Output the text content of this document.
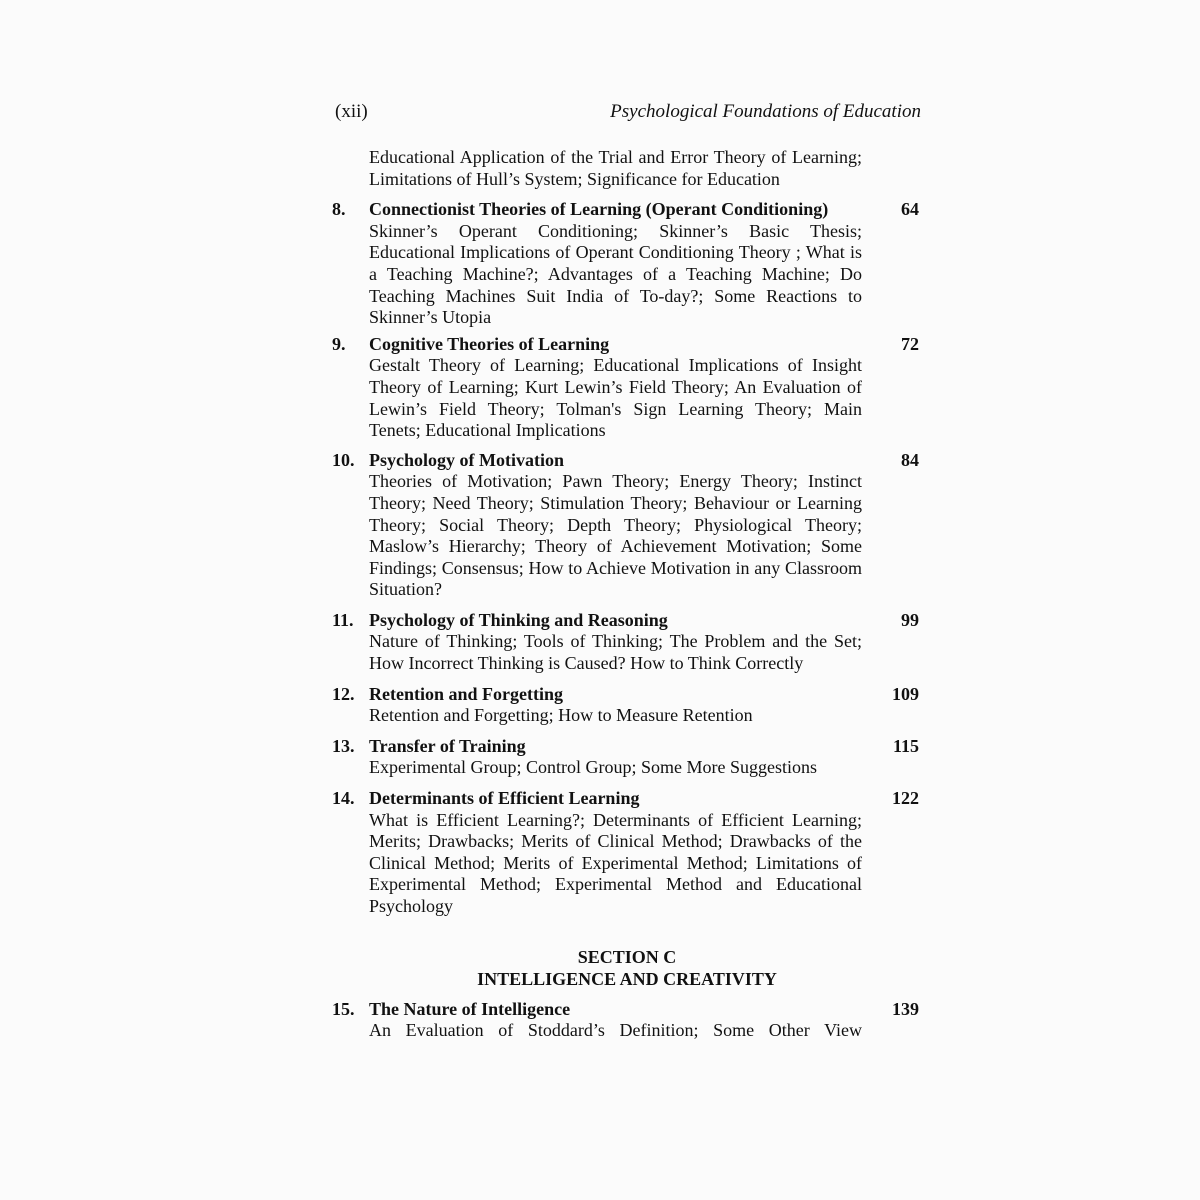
(xii)	Psychological Foundations of Education
Educational Application of the Trial and Error Theory of Learning; Limitations of Hull’s System; Significance for Education
8. Connectionist Theories of Learning (Operant Conditioning)	64
Skinner’s Operant Conditioning; Skinner’s Basic Thesis; Educational Implications of Operant Conditioning Theory ; What is a Teaching Machine?; Advantages of a Teaching Machine; Do Teaching Machines Suit India of To-day?; Some Reactions to Skinner’s Utopia
9. Cognitive Theories of Learning	72
Gestalt Theory of Learning; Educational Implications of Insight Theory of Learning; Kurt Lewin’s Field Theory; An Evaluation of Lewin’s Field Theory; Tolman's Sign Learning Theory; Main Tenets; Educational Implications
10. Psychology of Motivation	84
Theories of Motivation; Pawn Theory; Energy Theory; Instinct Theory; Need Theory; Stimulation Theory; Behaviour or Learning Theory; Social Theory; Depth Theory; Physiological Theory; Maslow’s Hierarchy; Theory of Achievement Motivation; Some Findings; Consensus; How to Achieve Motivation in any Classroom Situation?
11. Psychology of Thinking and Reasoning	99
Nature of Thinking; Tools of Thinking; The Problem and the Set; How Incorrect Thinking is Caused? How to Think Correctly
12. Retention and Forgetting	109
Retention and Forgetting; How to Measure Retention
13. Transfer of Training	115
Experimental Group; Control Group; Some More Suggestions
14. Determinants of Efficient Learning	122
What is Efficient Learning?; Determinants of Efficient Learning; Merits; Drawbacks; Merits of Clinical Method; Drawbacks of the Clinical Method; Merits of Experimental Method; Limitations of Experimental Method; Experimental Method and Educational Psychology
SECTION C
INTELLIGENCE AND CREATIVITY
15. The Nature of Intelligence	139
An Evaluation of Stoddard’s Definition; Some Other View
